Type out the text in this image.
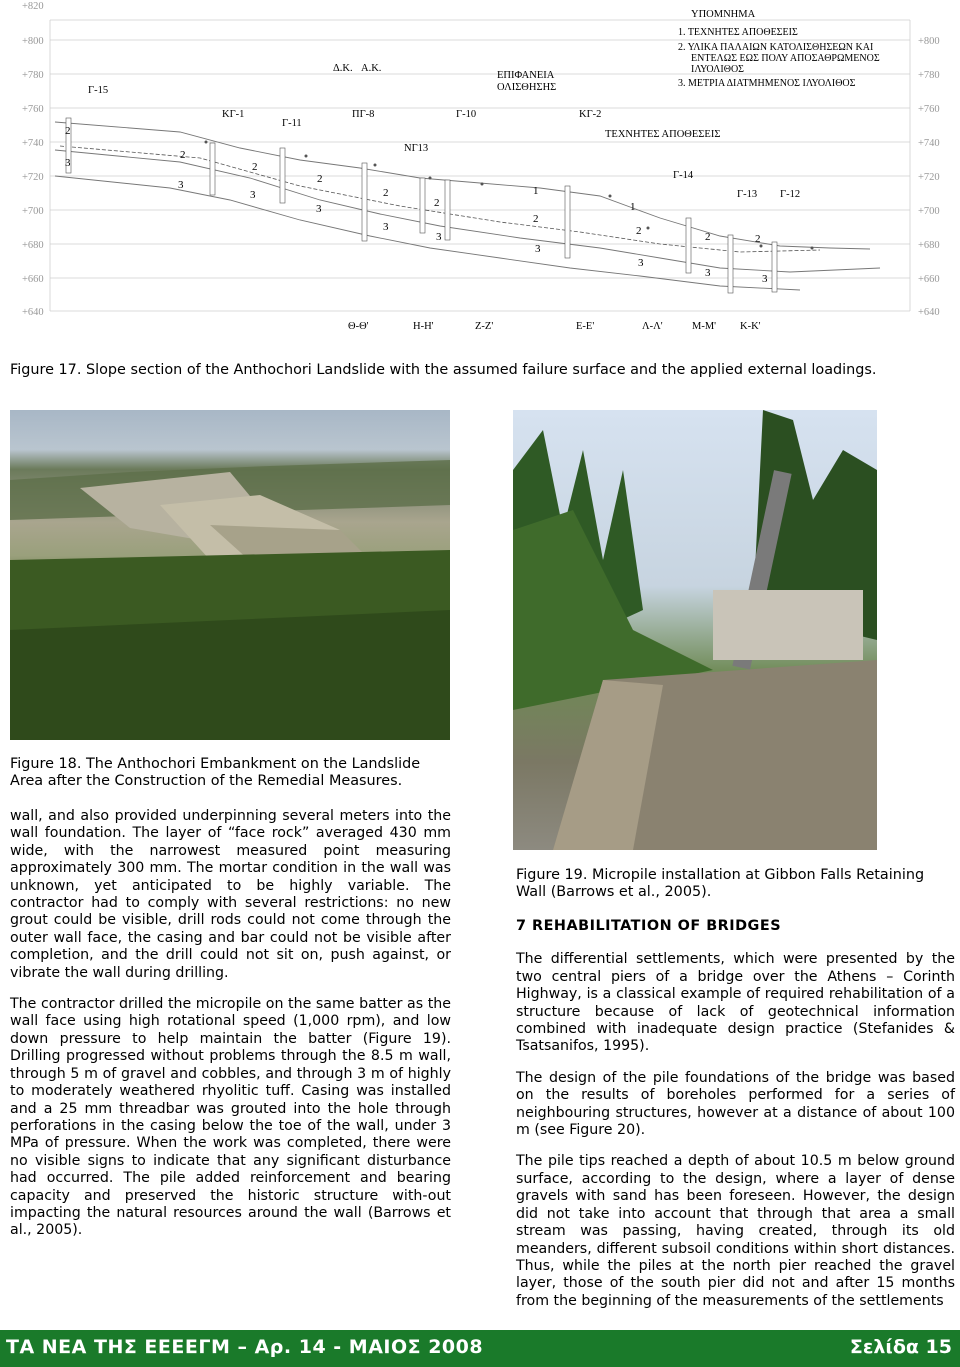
+820
+800
+780
+760
+740
+720
+700
+680
+660
+640
+800
+780
+760
+740
+720
+700
+680
+660
+640
ΥΠΟΜΝΗΜΑ
1. ΤΕΧΝΗΤΕΣ ΑΠΟΘΕΣΕΙΣ
2. ΥΛΙΚΑ ΠΑΛΑΙΩΝ ΚΑΤΟΛΙΣΘΗΣΕΩΝ ΚΑΙ
ΕΝΤΕΛΩΣ ΕΩΣ ΠΟΛΥ ΑΠΟΣΑΘΡΩΜΕΝΟΣ
ΙΛΥΟΛΙΘΟΣ
3. ΜΕΤΡΙΑ ΔΙΑΤΜΗΜΕΝΟΣ ΙΛΥΟΛΙΘΟΣ
Γ-15
Δ.Κ. Α.Κ.
ΕΠΙΦΑΝΕΙΑ
ΟΛΙΣΘΗΣΗΣ
ΚΓ-1
Γ-11
ΠΓ-8	Γ-10	ΚΓ-2
ΝΓ13
ΤΕΧΝΗΤΕΣ ΑΠΟΘΕΣΕΙΣ
Γ-14
Γ-13 Γ-12
2
3
2
3
2
3
2
3
2
3
2
3
1
2
3
1
2
3
2
3
2
3
Θ-Θ'	Η-Η'	Ζ-Ζ'	Ε-Ε'	Λ-Λ'	Μ-Μ' Κ-Κ'
Figure 17. Slope section of the Anthochori Landslide with the assumed failure surface and the applied external loadings.
Figure 18. The Anthochori Embankment on the Landslide
Area after the Construction of the Remedial Measures.

wall, and also provided underpinning several meters into the wall foundation. The layer of “face rock” averaged 430 mm wide, with the narrowest measured point measuring approximately 300 mm. The mortar condition in the wall was unknown, yet anticipated to be highly variable. The contractor had to comply with several restrictions: no new grout could be visible, drill rods could not come through the outer wall face, the casing and bar could not be visible after completion, and the drill could not sit on, push against, or vibrate the wall during drilling.

The contractor drilled the micropile on the same batter as the wall face using high rotational speed (1,000 rpm), and low down pressure to help maintain the batter (Figure 19). Drilling progressed without problems through the 8.5 m wall, through 5 m of gravel and cobbles, and through 3 m of highly to moderately weathered rhyolitic tuff. Casing was installed and a 25 mm threadbar was grouted into the hole through perforations in the casing below the toe of the wall, under 3 MPa of pressure. When the work was completed, there were no visible signs to indicate that any significant disturbance had occurred. The pile added reinforcement and bearing capacity and preserved the historic structure with-out impacting the natural resources around the wall (Barrows et al., 2005).

Figure 19. Micropile installation at Gibbon Falls Retaining
Wall (Barrows et al., 2005).

7 REHABILITATION OF BRIDGES

The differential settlements, which were presented by the two central piers of a bridge over the Athens – Corinth Highway, is a classical example of required rehabilitation of a structure because of lack of geotechnical information combined with inadequate design practice (Stefanides & Tsatsanifos, 1995).

The design of the pile foundations of the bridge was based on the results of boreholes performed for a series of neighbouring structures, however at a distance of about 100 m (see Figure 20).

The pile tips reached a depth of about 10.5 m below ground surface, according to the design, where a layer of dense gravels with sand has been foreseen. However, the design did not take into account that through that area a small stream was passing, having created, through its old meanders, different subsoil conditions within short distances. Thus, while the piles at the north pier reached the gravel layer, those of the south pier did not and after 15 months from the beginning of the measurements of the settlements

ΤΑ ΝΕΑ ΤΗΣ ΕΕΕΕΓΜ – Αρ. 14 - ΜΑΙΟΣ 2008	Σελίδα 15
